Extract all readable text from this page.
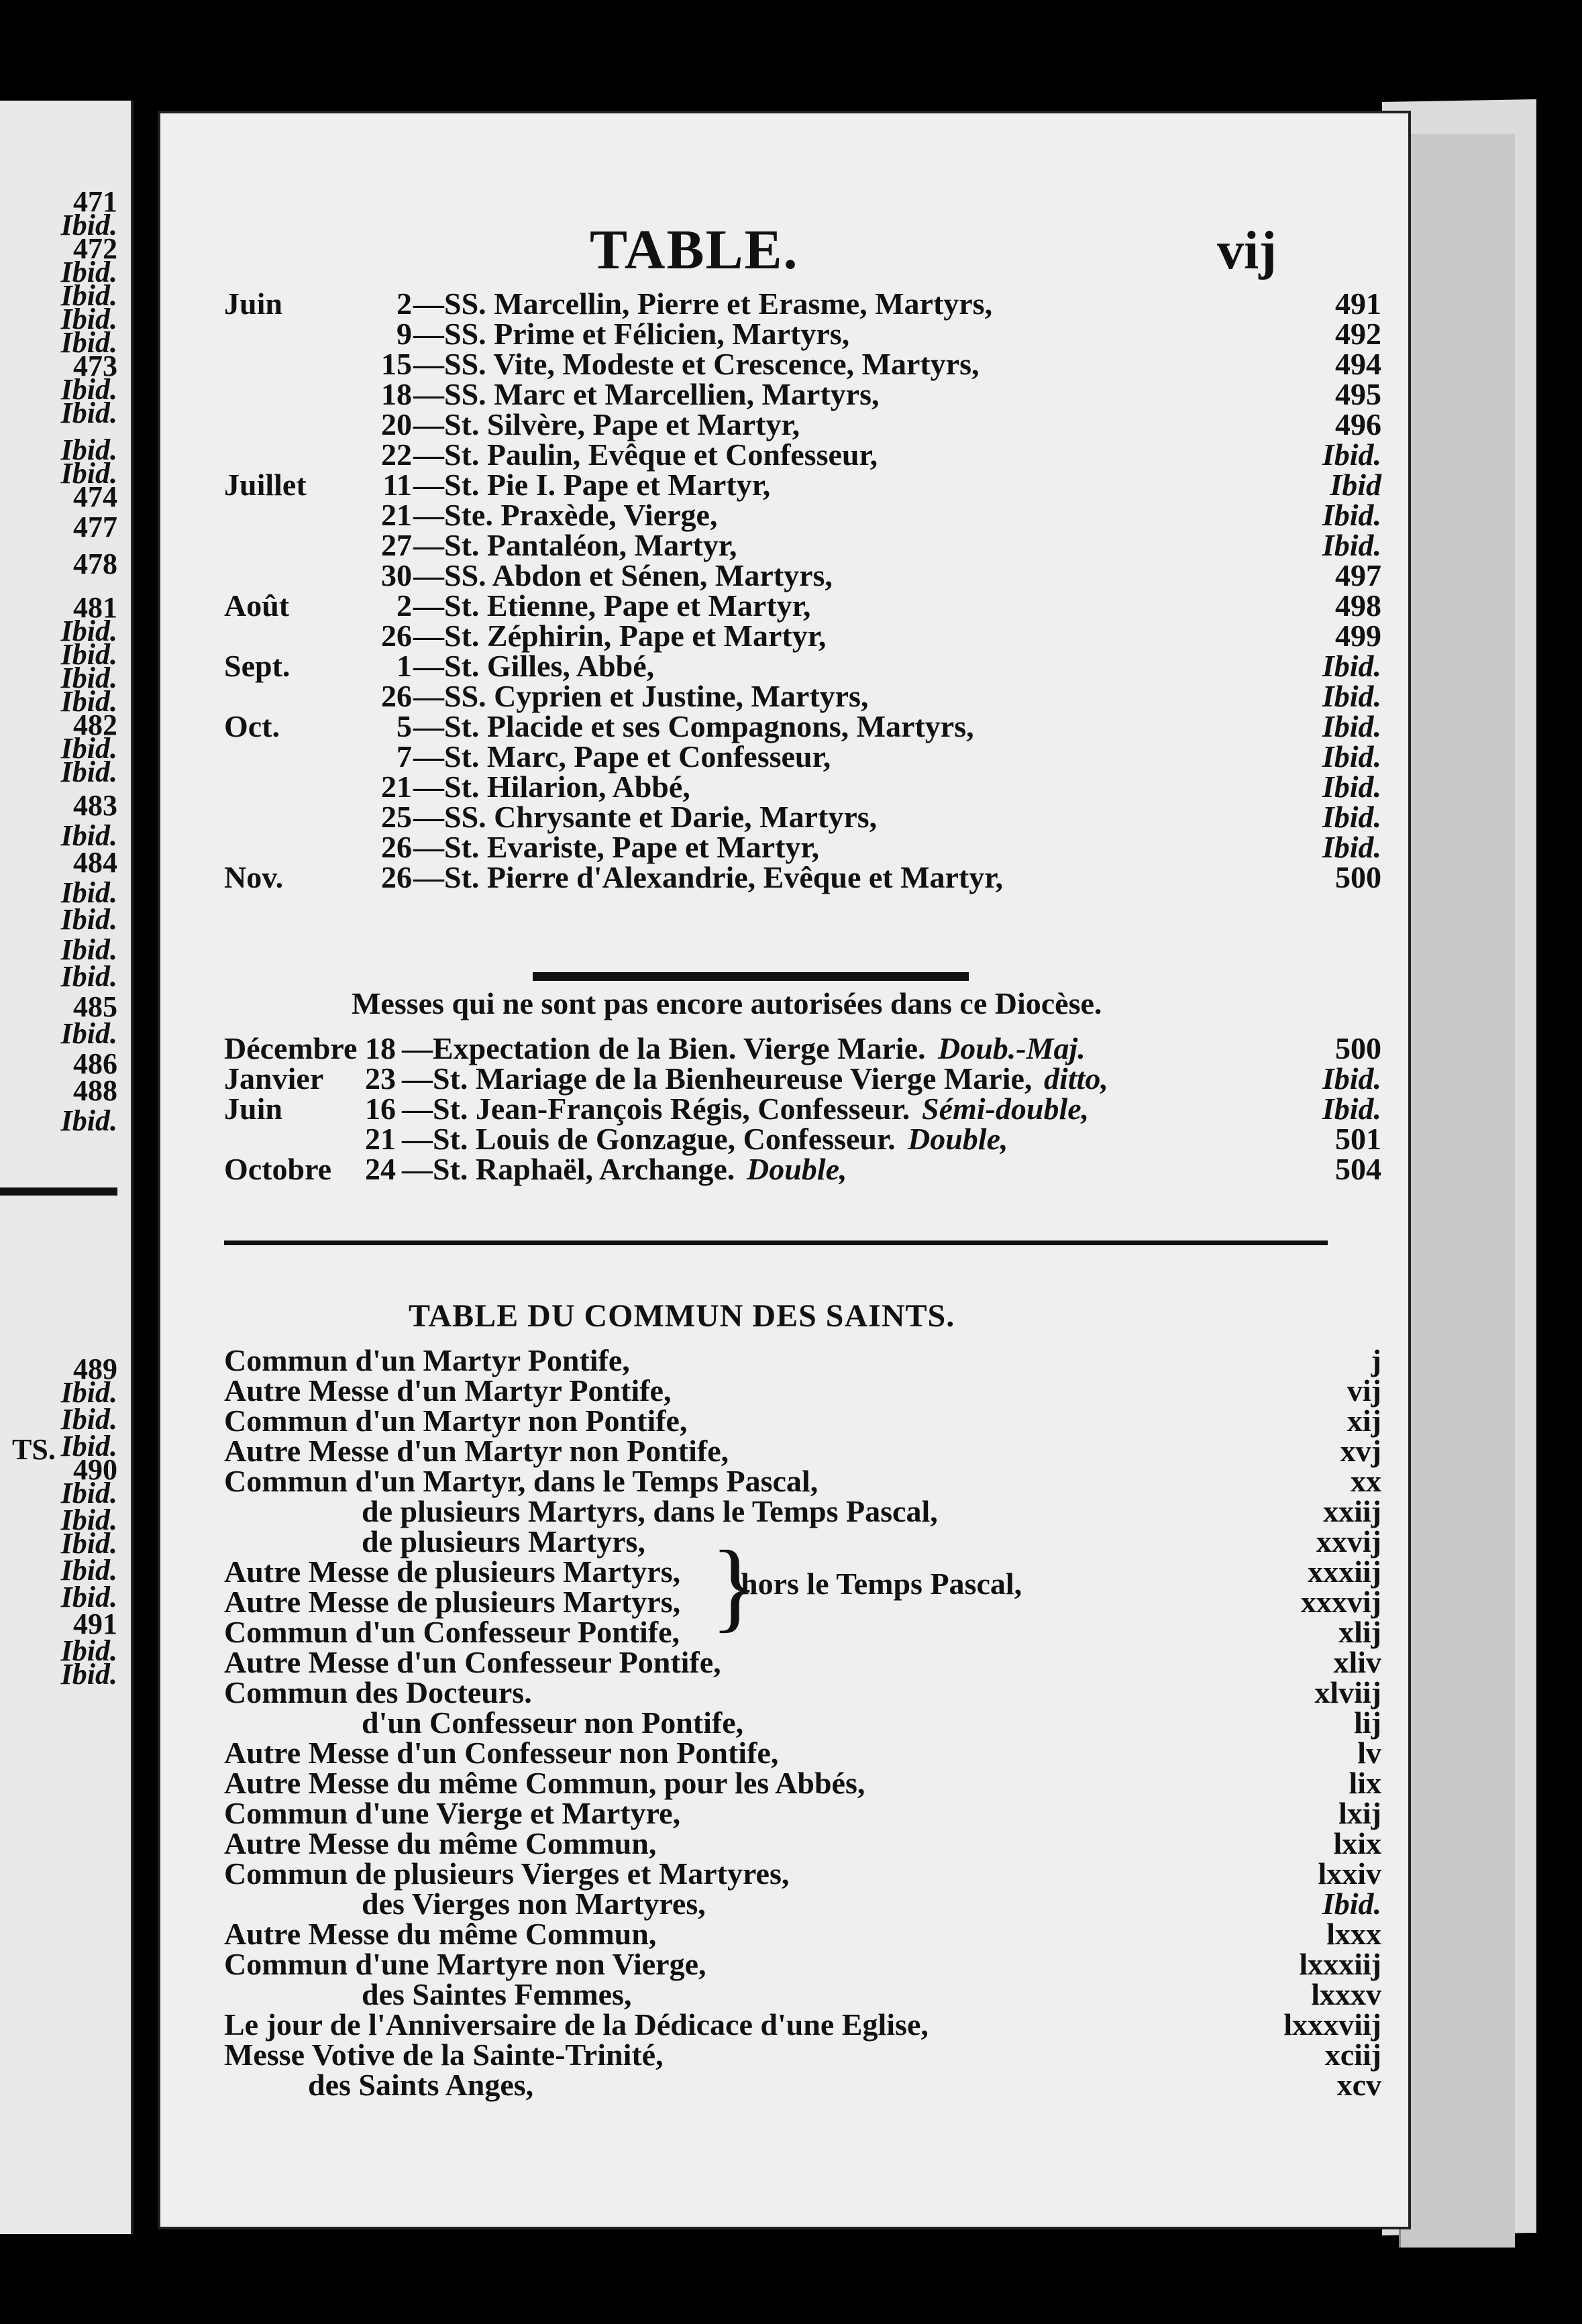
471
Ibid.
472
Ibid.
Ibid.
Ibid.
Ibid.
473
Ibid.
Ibid.
Ibid.
Ibid.
474
477
478
481
Ibid.
Ibid.
Ibid.
Ibid.
482
Ibid.
Ibid.
483
Ibid.
484
Ibid.
Ibid.
Ibid.
Ibid.
485
Ibid.
486
488
Ibid.
489
Ibid.
Ibid.
Ibid.
490
Ibid.
Ibid.
Ibid.
Ibid.
Ibid.
491
Ibid.
Ibid.
TS.
TABLE.	vij
Messes qui ne sont pas encore autorisées dans ce Diocèse.
TABLE DU COMMUN DES SAINTS.
}
hors le Temps Pascal,
Juin	2 —SS. Marcellin, Pierre et Erasme, Martyrs,	491
9 —SS. Prime et Félicien, Martyrs,	492
15 —SS. Vite, Modeste et Crescence, Martyrs,	494
18 —SS. Marc et Marcellien, Martyrs,	495
20 —St. Silvère, Pape et Martyr,	496
22 —St. Paulin, Evêque et Confesseur,	Ibid.
Juillet	11 —St. Pie I. Pape et Martyr,	Ibid
21 —Ste. Praxède, Vierge,	Ibid.
27 —St. Pantaléon, Martyr,	Ibid.
30 —SS. Abdon et Sénen, Martyrs,	497
Août	2 —St. Etienne, Pape et Martyr,	498
26 —St. Zéphirin, Pape et Martyr,	499
Sept.	1 —St. Gilles, Abbé,	Ibid.
26 —SS. Cyprien et Justine, Martyrs,	Ibid.
Oct.	5 —St. Placide et ses Compagnons, Martyrs,	Ibid.
7 —St. Marc, Pape et Confesseur,	Ibid.
21 —St. Hilarion, Abbé,	Ibid.
25 —SS. Chrysante et Darie, Martyrs,	Ibid.
26 —St. Evariste, Pape et Martyr,	Ibid.
Nov.	26 —St. Pierre d'Alexandrie, Evêque et Martyr,	500
Décembre 18 —Expectation de la Bien. Vierge Marie. Doub.-Maj.	500
Janvier 23 —St. Mariage de la Bienheureuse Vierge Marie, ditto,	Ibid.
Juin	16 —St. Jean-François Régis, Confesseur. Sémi-double,	Ibid.
21 —St. Louis de Gonzague, Confesseur. Double,	501
Octobre 24 —St. Raphaël, Archange. Double,	504
Commun d'un Martyr Pontife,	j
Autre Messe d'un Martyr Pontife,	vij
Commun d'un Martyr non Pontife,	xij
Autre Messe d'un Martyr non Pontife,	xvj
Commun d'un Martyr, dans le Temps Pascal,	xx
de plusieurs Martyrs, dans le Temps Pascal,	xxiij
de plusieurs Martyrs,	xxvij
Autre Messe de plusieurs Martyrs,	xxxiij
Autre Messe de plusieurs Martyrs,	xxxvij
Commun d'un Confesseur Pontife,	xlij
Autre Messe d'un Confesseur Pontife,	xliv
Commun des Docteurs.	xlviij
d'un Confesseur non Pontife,	lij
Autre Messe d'un Confesseur non Pontife,	lv
Autre Messe du même Commun, pour les Abbés,	lix
Commun d'une Vierge et Martyre,	lxij
Autre Messe du même Commun,	lxix
Commun de plusieurs Vierges et Martyres,	lxxiv
des Vierges non Martyres,	Ibid.
Autre Messe du même Commun,	lxxx
Commun d'une Martyre non Vierge,	lxxxiij
des Saintes Femmes,	lxxxv
Le jour de l'Anniversaire de la Dédicace d'une Eglise,	lxxxviij
Messe Votive de la Sainte-Trinité,	xciij
des Saints Anges,	xcv
